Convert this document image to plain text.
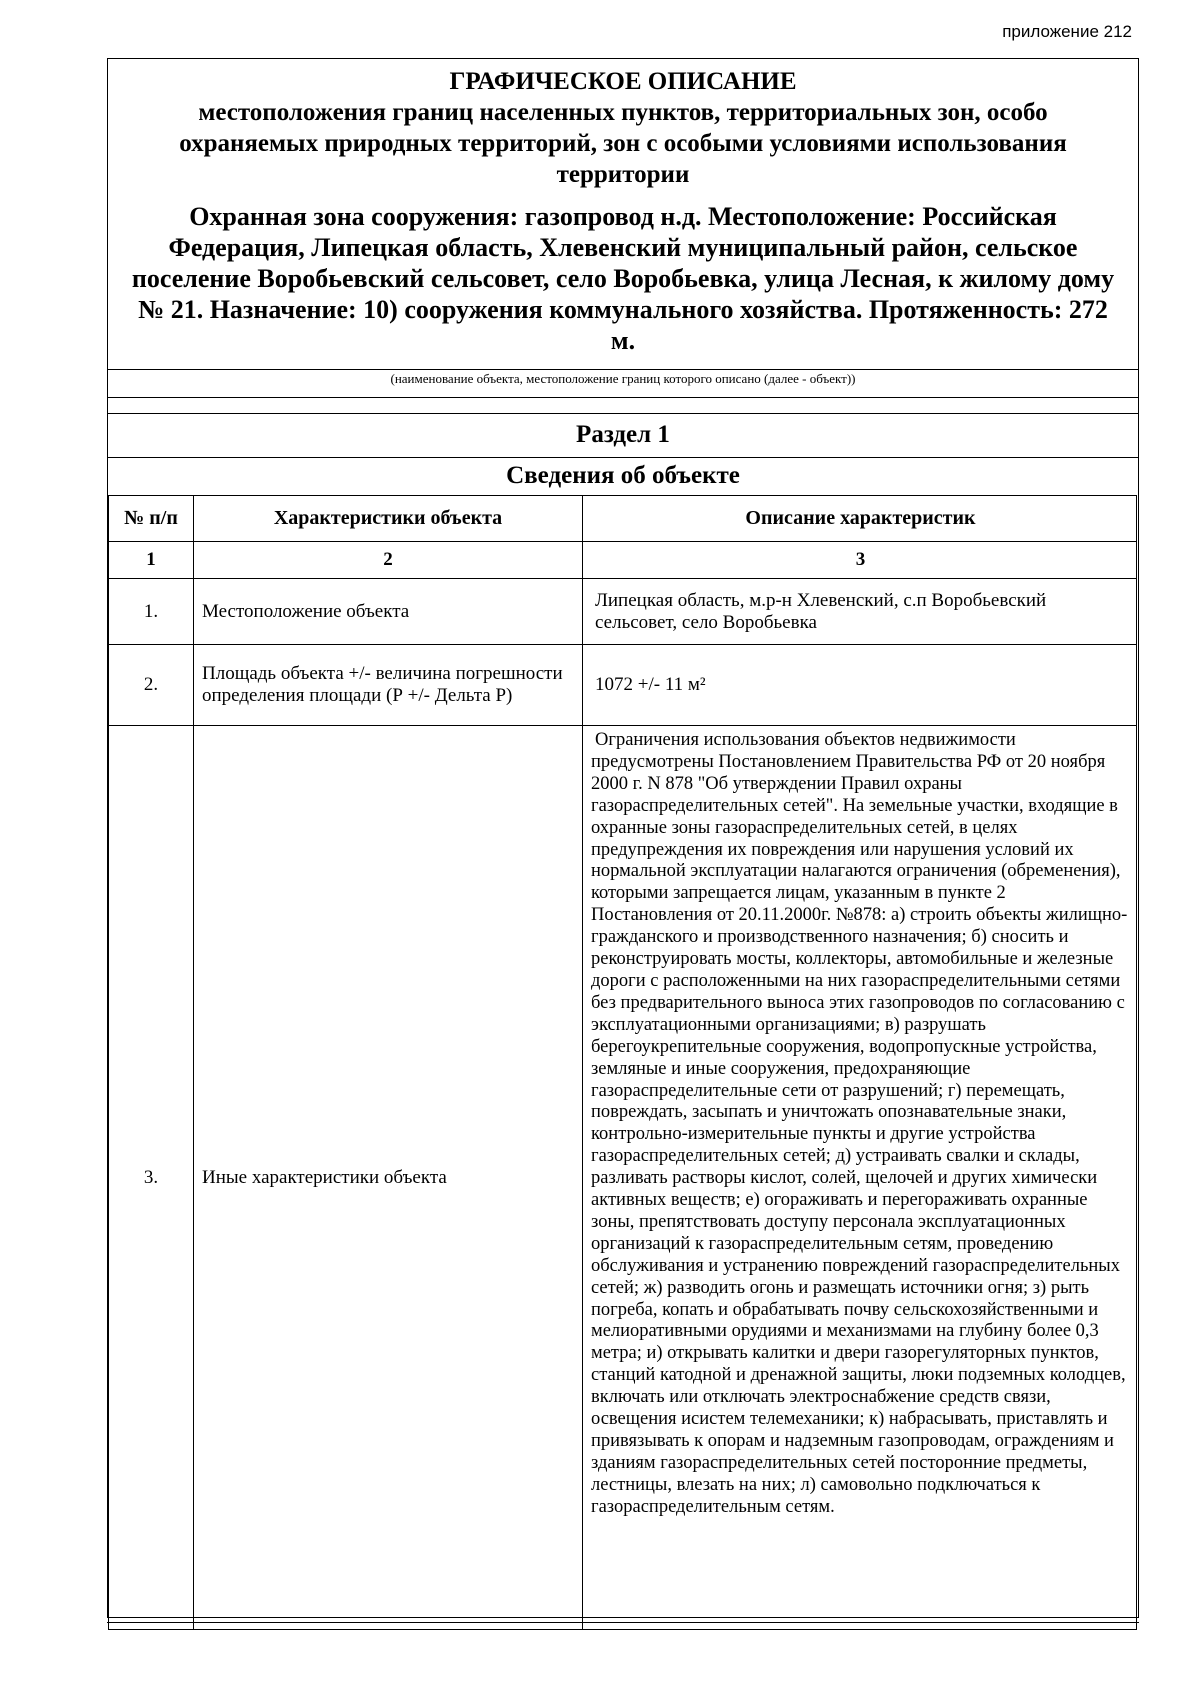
приложение 212
ГРАФИЧЕСКОЕ ОПИСАНИЕ
местоположения границ населенных пунктов, территориальных зон, особо охраняемых природных территорий, зон с особыми условиями использования территории
Охранная зона сооружения: газопровод н.д. Местоположение: Российская Федерация, Липецкая область, Хлевенский муниципальный район, сельское поселение Воробьевский сельсовет, село Воробьевка, улица Лесная, к жилому дому № 21. Назначение: 10) сооружения коммунального хозяйства. Протяженность: 272 м.
(наименование объекта, местоположение границ которого описано (далее - объект))
Раздел 1
Сведения об объекте
№ п/п	Характеристики объекта	Описание характеристик
1	2	3
1.	Местоположение объекта	Липецкая область, м.р-н Хлевенский, с.п Воробьевский сельсовет, село Воробьевка

2.	Площадь объекта +/- величина погрешности определения площади (Р +/- Дельта Р)	1072 +/- 11 м²

3.	Иные характеристики объекта	Ограничения использования объектов недвижимости предусмотрены Постановлением Правительства РФ от 20 ноября 2000 г. N 878 "Об утверждении Правил охраны газораспределительных сетей". На земельные участки, входящие в охранные зоны газораспределительных сетей, в целях предупреждения их повреждения или нарушения условий их нормальной эксплуатации налагаются ограничения (обременения), которыми запрещается лицам, указанным в пункте 2 Постановления от 20.11.2000г. №878: а) строить объекты жилищно-гражданского и производственного назначения; б) сносить и реконструировать мосты, коллекторы, автомобильные и железные дороги с расположенными на них газораспределительными сетями без предварительного выноса этих газопроводов по согласованию с эксплуатационными организациями; в) разрушать берегоукрепительные сооружения, водопропускные устройства, земляные и иные сооружения, предохраняющие газораспределительные сети от разрушений; г) перемещать, повреждать, засыпать и уничтожать опознавательные знаки, контрольно-измерительные пункты и другие устройства газораспределительных сетей; д) устраивать свалки и склады, разливать растворы кислот, солей, щелочей и других химически активных веществ; е) огораживать и перегораживать охранные зоны, препятствовать доступу персонала эксплуатационных организаций к газораспределительным сетям, проведению обслуживания и устранению повреждений газораспределительных сетей; ж) разводить огонь и размещать источники огня; з) рыть погреба, копать и обрабатывать почву сельскохозяйственными и мелиоративными орудиями и механизмами на глубину более 0,3 метра; и) открывать калитки и двери газорегуляторных пунктов, станций катодной и дренажной защиты, люки подземных колодцев, включать или отключать электроснабжение средств связи, освещения исистем телемеханики; к) набрасывать, приставлять и привязывать к опорам и надземным газопроводам, ограждениям и зданиям газораспределительных сетей посторонние предметы, лестницы, влезать на них; л) самовольно подключаться к газораспределительным сетям.
